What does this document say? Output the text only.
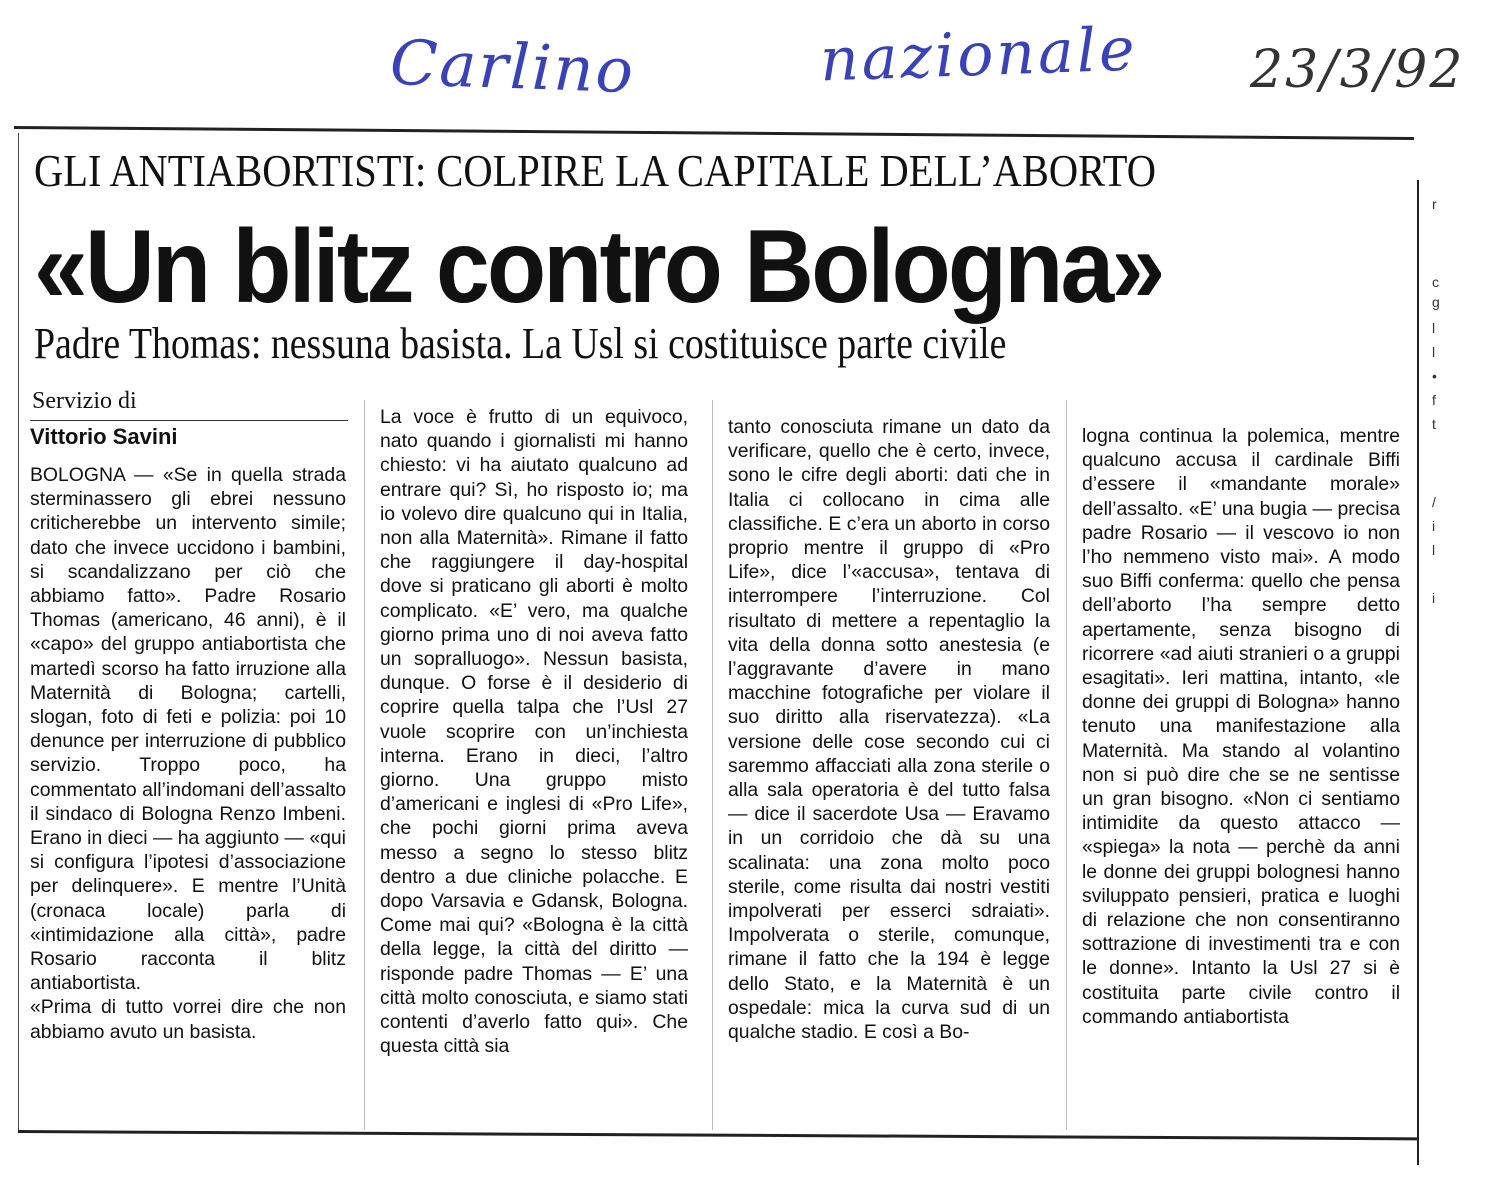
Carlino	nazionale 23/3/92
GLI ANTIABORTISTI: COLPIRE LA CAPITALE DELL’ABORTO
«Un blitz contro Bologna»
Padre Thomas: nessuna basista. La Usl si costituisce parte civile
Servizio di
Vittorio Savini

BOLOGNA — «Se in quella strada sterminassero gli ebrei nessuno criticherebbe un intervento simile; dato che invece uccidono i bambini, si scandalizzano per ciò che abbiamo fatto». Padre Rosario Thomas (americano, 46 anni), è il «capo» del gruppo antiabortista che martedì scorso ha fatto irruzione alla Maternità di Bologna; cartelli, slogan, foto di feti e polizia: poi 10 denunce per interruzione di pubblico servizio. Troppo poco, ha commentato all’indomani dell’assalto il sindaco di Bologna Renzo Imbeni. Erano in dieci — ha aggiunto — «qui si configura l’ipotesi d’associazione per delinquere». E mentre l’Unità (cronaca locale) parla di «intimidazione alla città», padre Rosario racconta il blitz antiabortista.

«Prima di tutto vorrei dire che non abbiamo avuto un basista.

La voce è frutto di un equivoco, nato quando i giornalisti mi hanno chiesto: vi ha aiutato qualcuno ad entrare qui? Sì, ho risposto io; ma io volevo dire qualcuno qui in Italia, non alla Maternità». Rimane il fatto che raggiungere il day-hospital dove si praticano gli aborti è molto complicato. «E’ vero, ma qualche giorno prima uno di noi aveva fatto un sopralluogo». Nessun basista, dunque. O forse è il desiderio di coprire quella talpa che l’Usl 27 vuole scoprire con un’inchiesta interna. Erano in dieci, l’altro giorno. Una gruppo misto d’americani e inglesi di «Pro Life», che pochi giorni prima aveva messo a segno lo stesso blitz dentro a due cliniche polacche. E dopo Varsavia e Gdansk, Bologna. Come mai qui? «Bologna è la città della legge, la città del diritto — risponde padre Thomas — E’ una città molto conosciuta, e siamo stati contenti d’averlo fatto qui». Che questa città sia

tanto conosciuta rimane un dato da verificare, quello che è certo, invece, sono le cifre degli aborti: dati che in Italia ci collocano in cima alle classifiche. E c’era un aborto in corso proprio mentre il gruppo di «Pro Life», dice l’«accusa», tentava di interrompere l’interruzione. Col risultato di mettere a repentaglio la vita della donna sotto anestesia (e l’aggravante d’avere in mano macchine fotografiche per violare il suo diritto alla riservatezza). «La versione delle cose secondo cui ci saremmo affacciati alla zona sterile o alla sala operatoria è del tutto falsa — dice il sacerdote Usa — Eravamo in un corridoio che dà su una scalinata: una zona molto poco sterile, come risulta dai nostri vestiti impolverati per esserci sdraiati». Impolverata o sterile, comunque, rimane il fatto che la 194 è legge dello Stato, e la Maternità è un ospedale: mica la curva sud di un qualche stadio. E così a Bo-

logna continua la polemica, mentre qualcuno accusa il cardinale Biffi d’essere il «mandante morale» dell’assalto. «E’ una bugia — precisa padre Rosario — il vescovo io non l’ho nemmeno visto mai». A modo suo Biffi conferma: quello che pensa dell’aborto l’ha sempre detto apertamente, senza bisogno di ricorrere «ad aiuti stranieri o a gruppi esagitati». Ieri mattina, intanto, «le donne dei gruppi di Bologna» hanno tenuto una manifestazione alla Maternità. Ma stando al volantino non si può dire che se ne sentisse un gran bisogno. «Non ci sentiamo intimidite da questo attacco — «spiega» la nota — perchè da anni le donne dei gruppi bolognesi hanno sviluppato pensieri, pratica e luoghi di relazione che non consentiranno sottrazione di investimenti tra e con le donne». Intanto la Usl 27 si è costituita parte civile contro il commando antiabortista

r
c
g
l
l
•
f
t
/
i
l
i
